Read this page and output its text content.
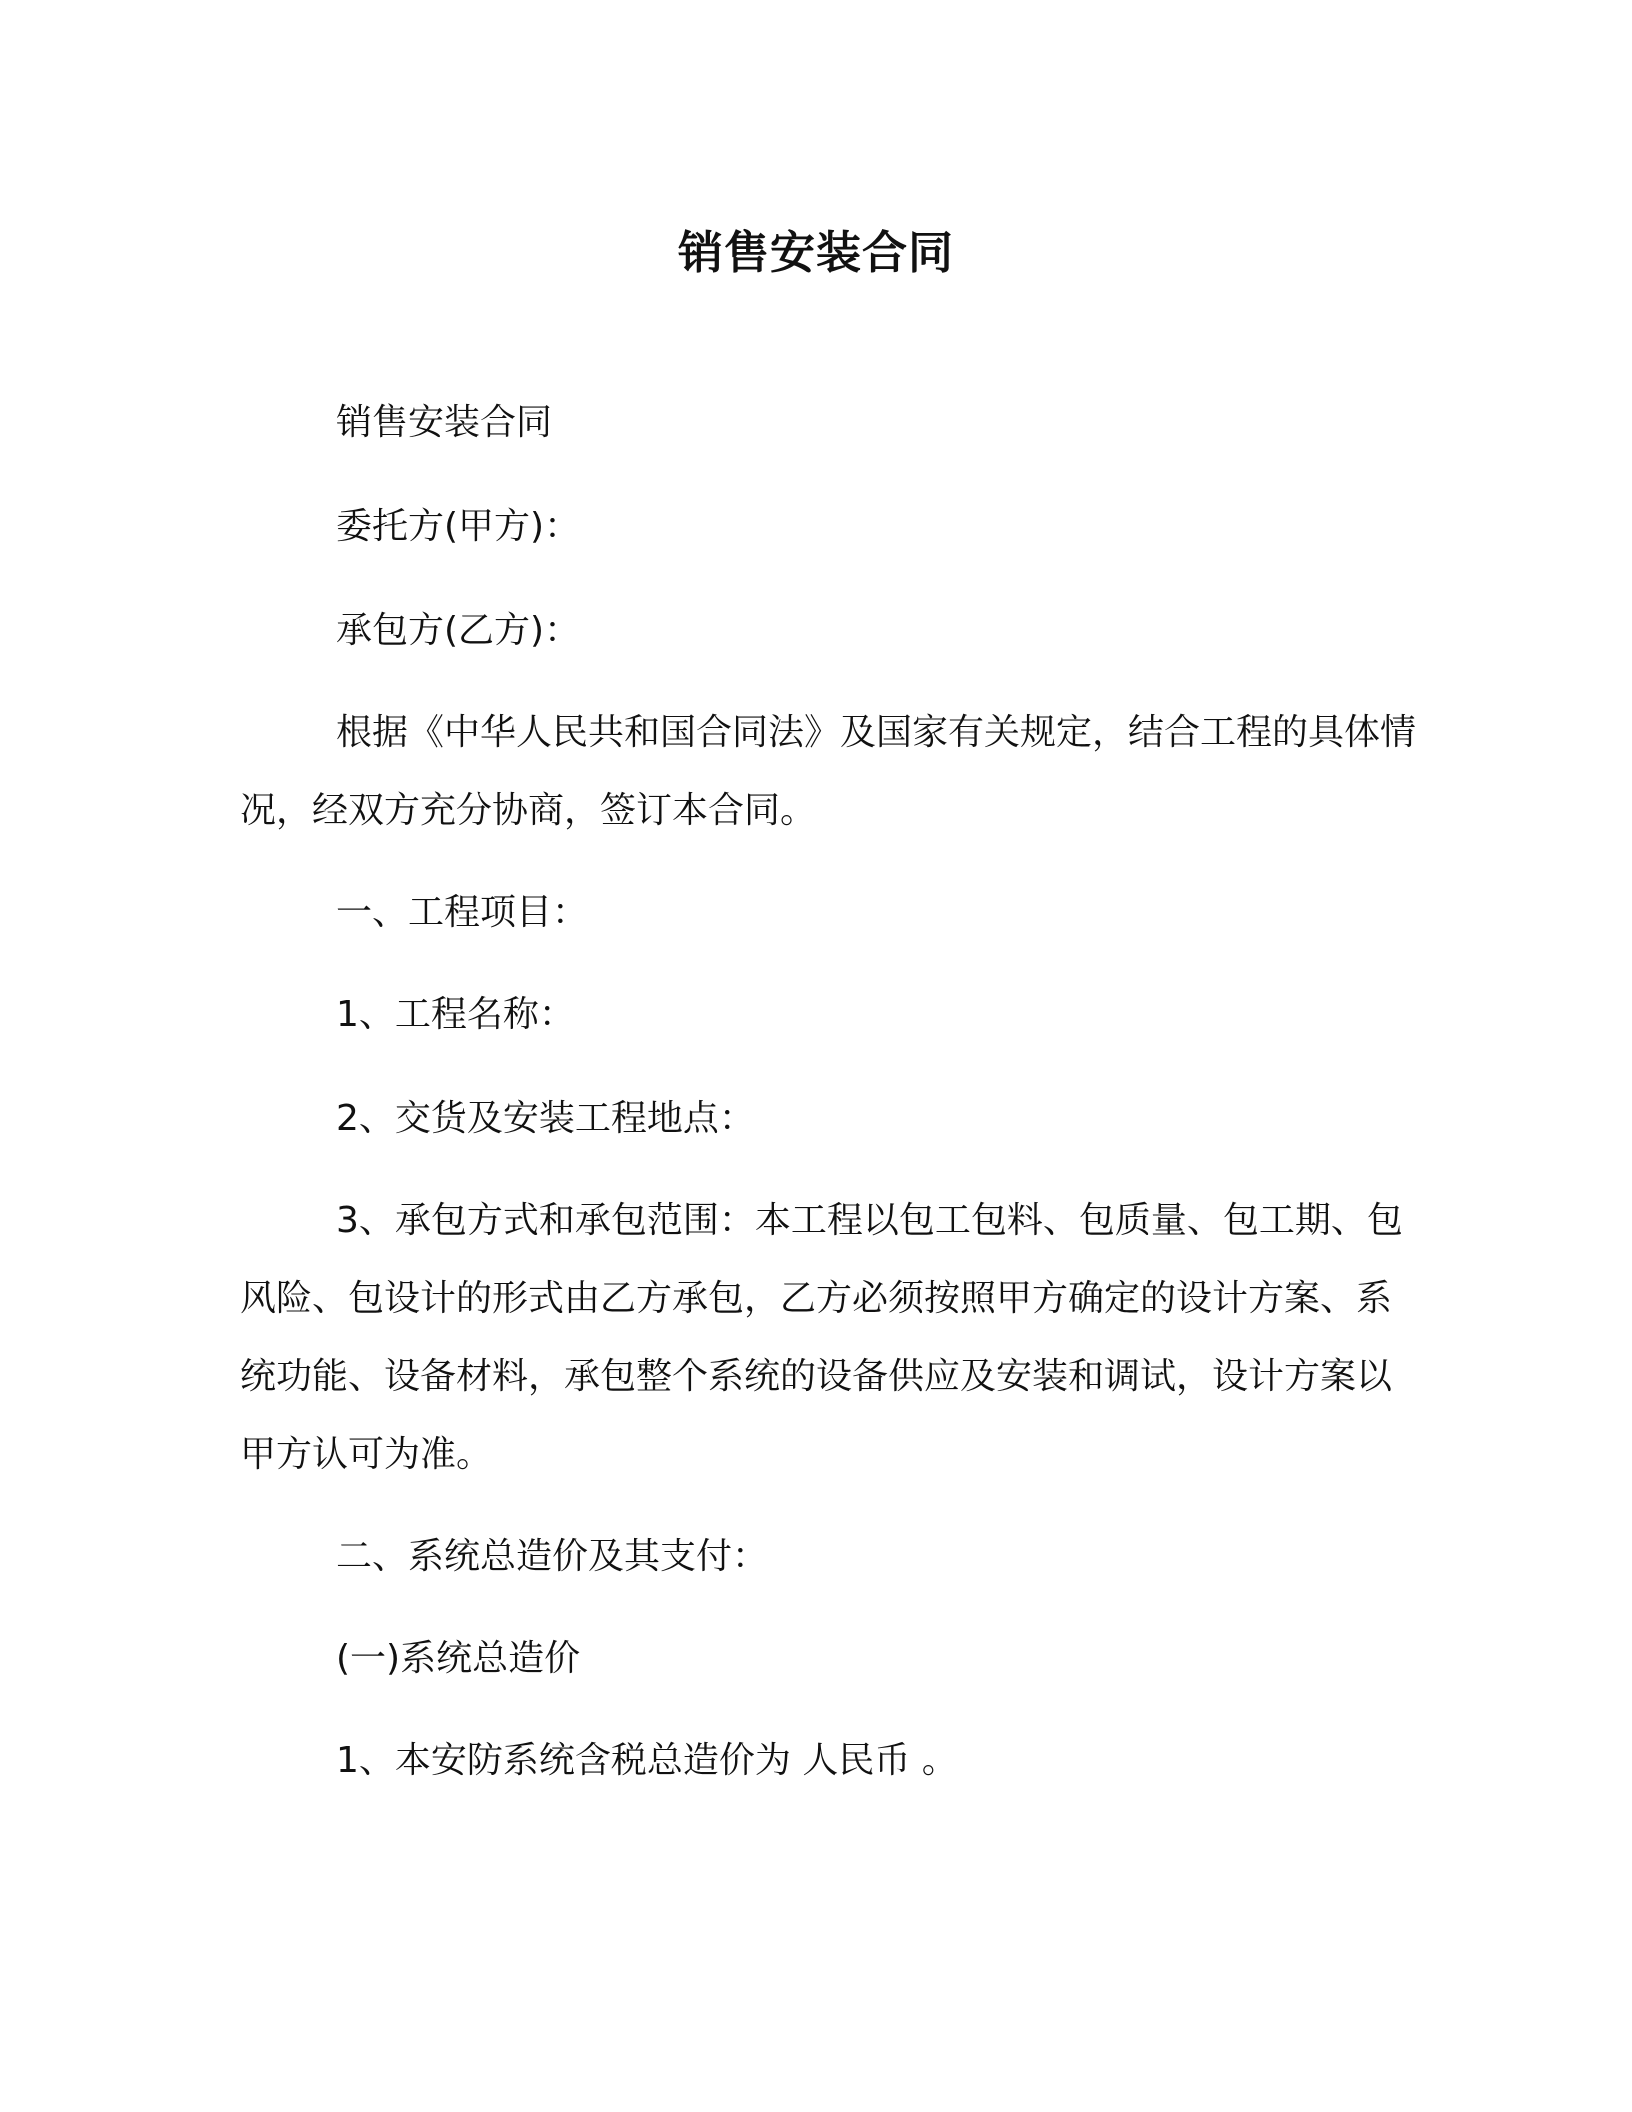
销售安装合同

销售安装合同

委托方(甲方)：

承包方(乙方)：

根据《中华人民共和国合同法》及国家有关规定，结合工程的具体情况，经双方充分协商，签订本合同。

一、工程项目：

1、工程名称：

2、交货及安装工程地点：

3、承包方式和承包范围：本工程以包工包料、包质量、包工期、包风险、包设计的形式由乙方承包，乙方必须按照甲方确定的设计方案、系统功能、设备材料，承包整个系统的设备供应及安装和调试，设计方案以甲方认可为准。

二、系统总造价及其支付：

(一)系统总造价

1、本安防系统含税总造价为 人民币 。
